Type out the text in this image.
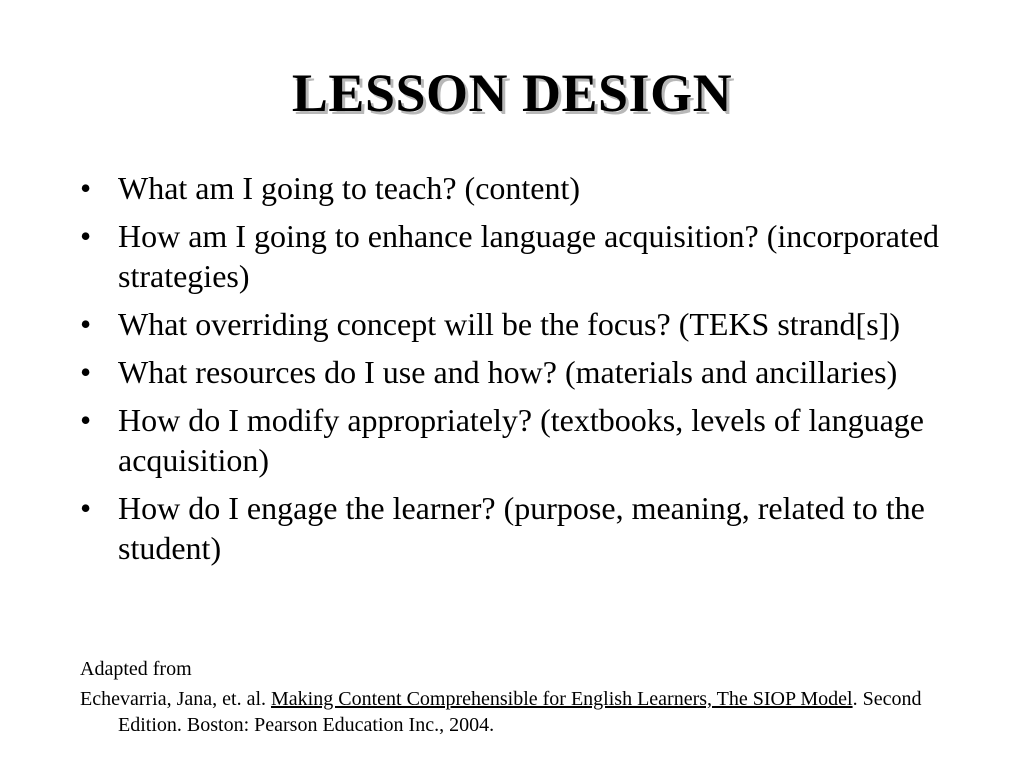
LESSON DESIGN
• What am I going to teach? (content)
• How am I going to enhance language acquisition? (incorporated strategies)
• What overriding concept will be the focus? (TEKS strand[s])
• What resources do I use and how? (materials and ancillaries)
• How do I modify appropriately? (textbooks, levels of language acquisition)
• How do I engage the learner? (purpose, meaning, related to the student)
Adapted from
Echevarria, Jana, et. al. Making Content Comprehensible for English Learners, The SIOP Model. Second Edition. Boston: Pearson Education Inc., 2004.
